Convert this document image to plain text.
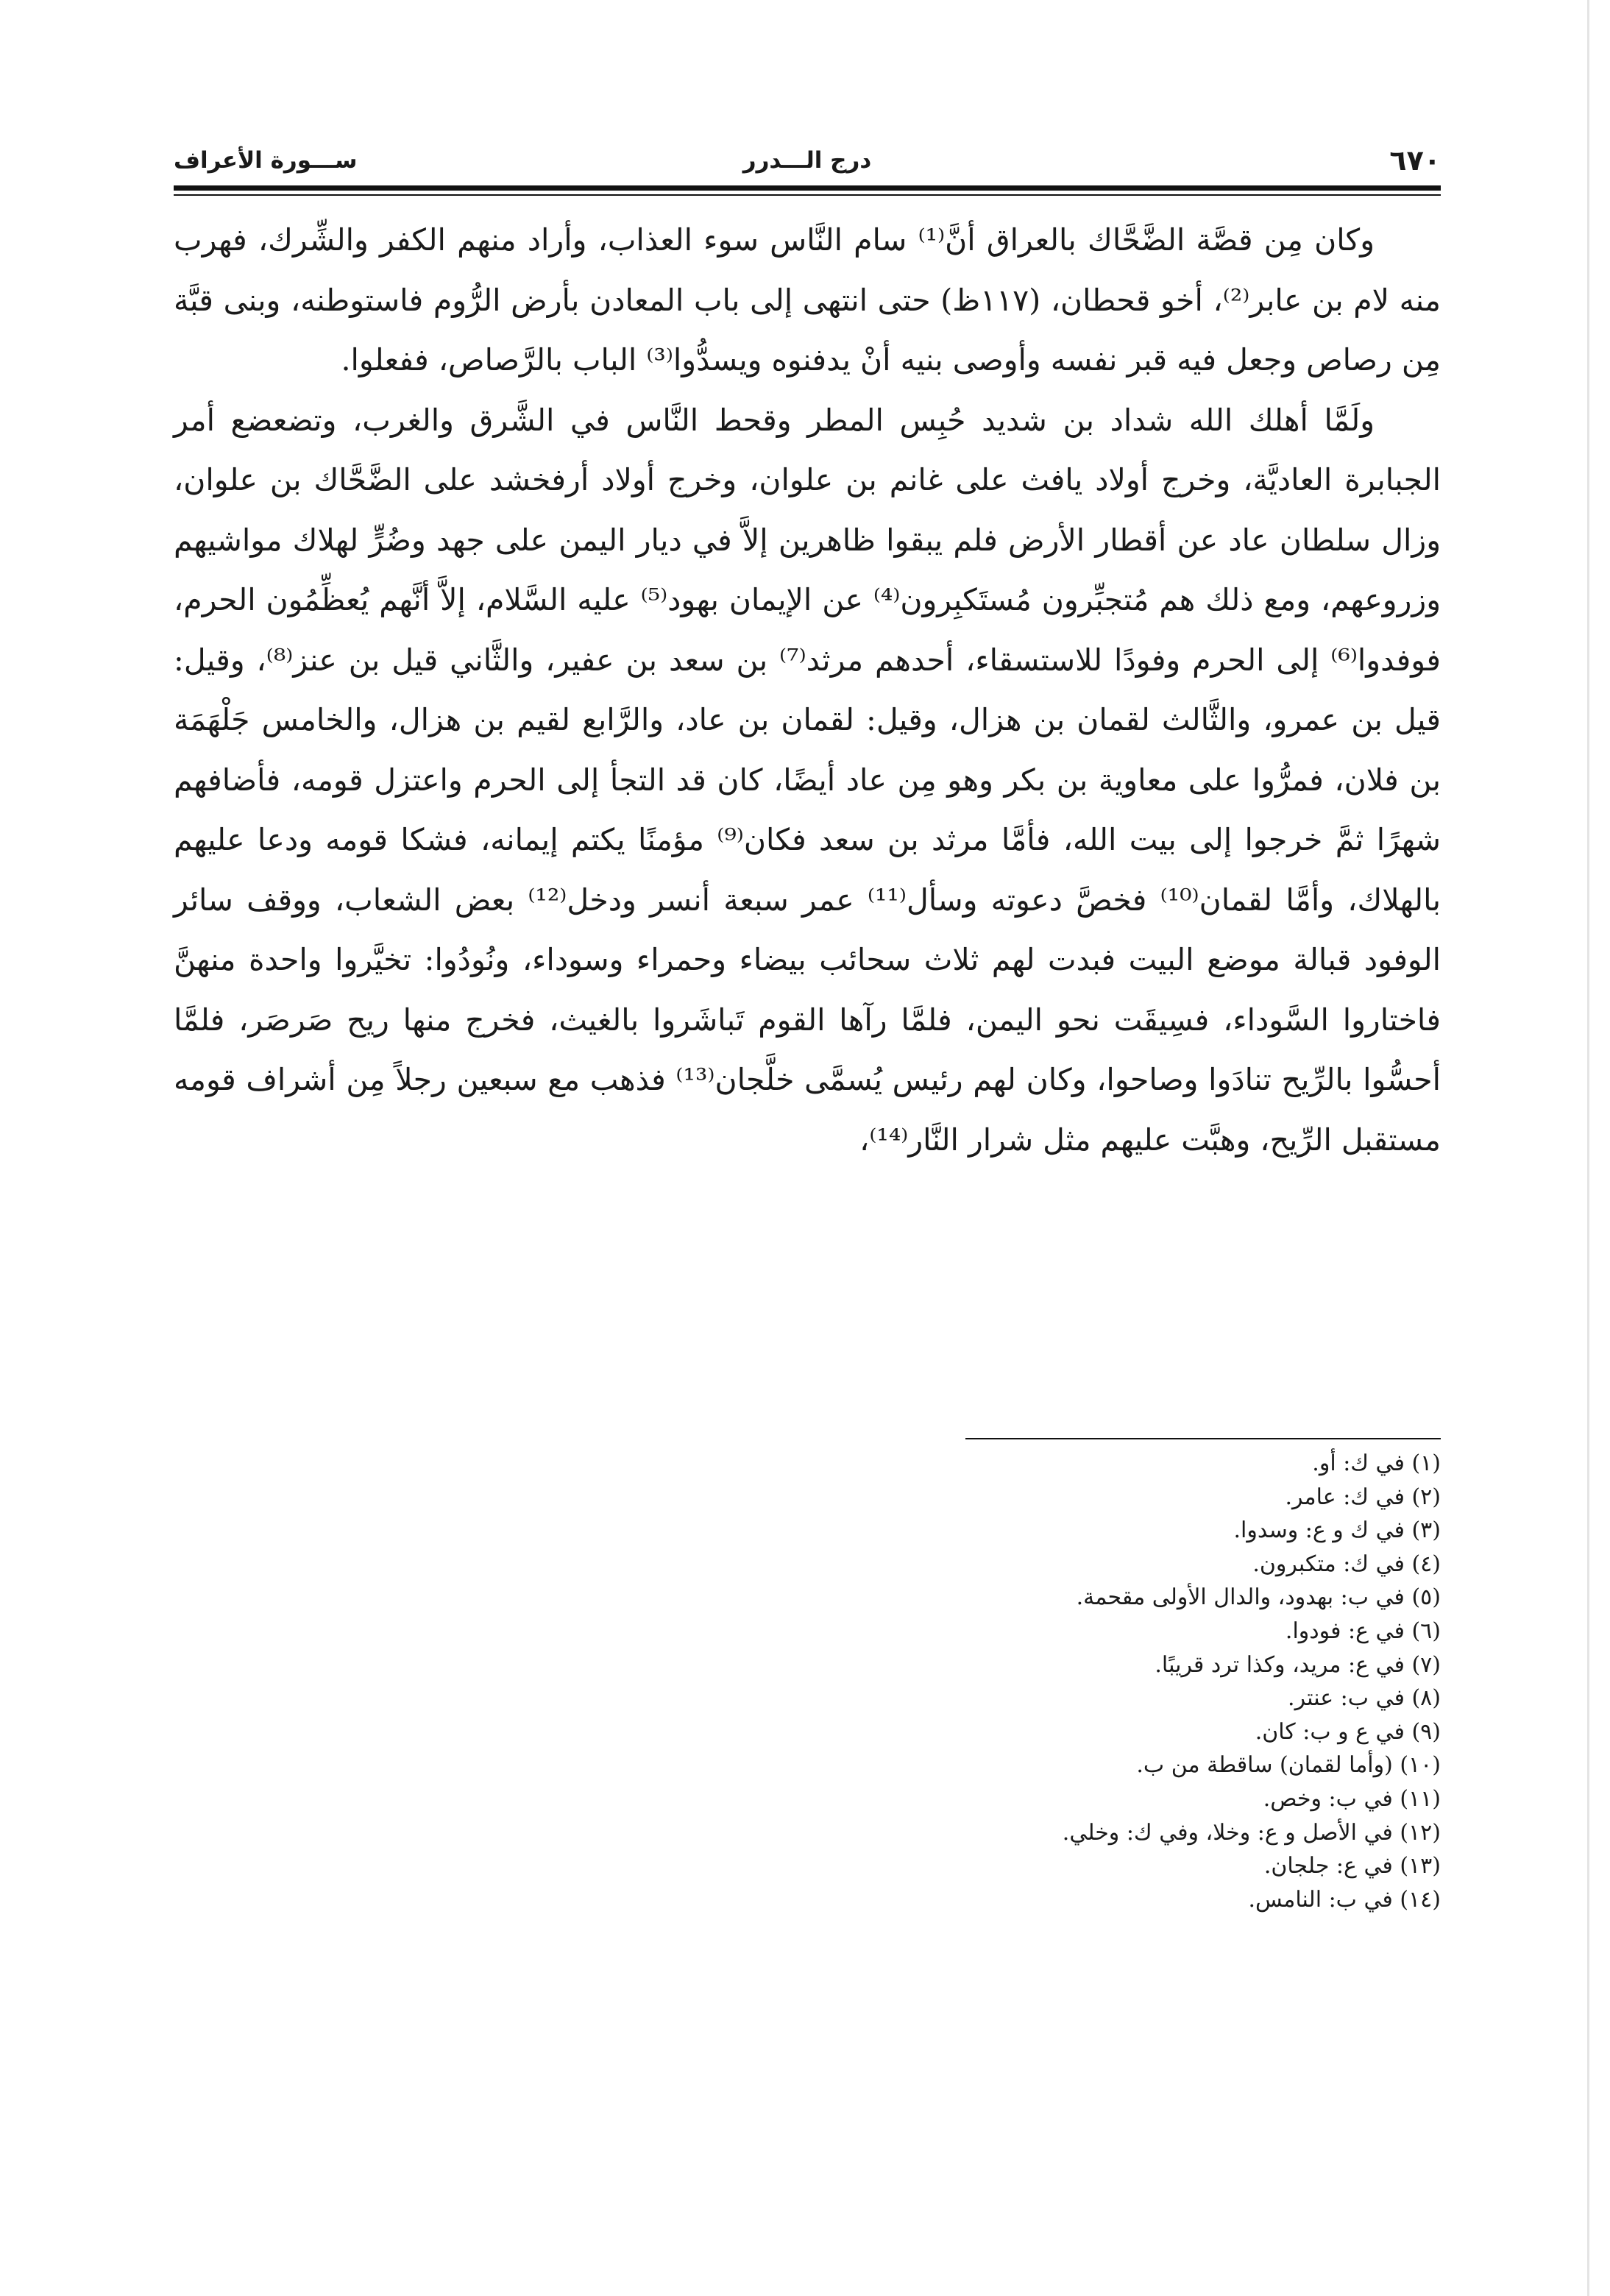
٦٧٠
درج الـــدرر
ســـورة الأعراف

وكان مِن قصَّة الضَّحَّاك بالعراق أنَّ⁽¹⁾ سام النَّاس سوء العذاب، وأراد منهم الكفر والشِّرك، فهرب منه لام بن عابر⁽²⁾، أخو قحطان، (١١٧ظ) حتى انتهى إلى باب المعادن بأرض الرُّوم فاستوطنه، وبنى قبَّة مِن رصاص وجعل فيه قبر نفسه وأوصى بنيه أنْ يدفنوه ويسدُّوا⁽³⁾ الباب بالرَّصاص، ففعلوا.

ولَمَّا أهلك الله شداد بن شديد حُبِس المطر وقحط النَّاس في الشَّرق والغرب، وتضعضع أمر الجبابرة العاديَّة، وخرج أولاد يافث على غانم بن علوان، وخرج أولاد أرفخشد على الضَّحَّاك بن علوان، وزال سلطان عاد عن أقطار الأرض فلم يبقوا ظاهرين إلاَّ في ديار اليمن على جهد وضُرٍّ لهلاك مواشيهم وزروعهم، ومع ذلك هم مُتجبِّرون مُستَكبِرون⁽⁴⁾ عن الإيمان بهود⁽⁵⁾ عليه السَّلام، إلاَّ أنَّهم يُعظِّمُون الحرم، فوفدوا⁽⁶⁾ إلى الحرم وفودًا للاستسقاء، أحدهم مرثد⁽⁷⁾ بن سعد بن عفير، والثَّاني قيل بن عنز⁽⁸⁾، وقيل: قيل بن عمرو، والثَّالث لقمان بن هزال، وقيل: لقمان بن عاد، والرَّابع لقيم بن هزال، والخامس جَلْهَمَة بن فلان، فمرُّوا على معاوية بن بكر وهو مِن عاد أيضًا، كان قد التجأ إلى الحرم واعتزل قومه، فأضافهم شهرًا ثمَّ خرجوا إلى بيت الله، فأمَّا مرثد بن سعد فكان⁽⁹⁾ مؤمنًا يكتم إيمانه، فشكا قومه ودعا عليهم بالهلاك، وأمَّا لقمان⁽¹⁰⁾ فخصَّ دعوته وسأل⁽¹¹⁾ عمر سبعة أنسر ودخل⁽¹²⁾ بعض الشعاب، ووقف سائر الوفود قبالة موضع البيت فبدت لهم ثلاث سحائب بيضاء وحمراء وسوداء، ونُودُوا: تخيَّروا واحدة منهنَّ فاختاروا السَّوداء، فسِيقَت نحو اليمن، فلمَّا رآها القوم تَباشَروا بالغيث، فخرج منها ريح صَرصَر، فلمَّا أحسُّوا بالرِّيح تنادَوا وصاحوا، وكان لهم رئيس يُسمَّى خلَّجان⁽¹³⁾ فذهب مع سبعين رجلاً مِن أشراف قومه مستقبل الرِّيح، وهبَّت عليهم مثل شرار النَّار⁽¹⁴⁾،

(١) في ك: أو.
(٢) في ك: عامر.
(٣) في ك و ع: وسدوا.
(٤) في ك: متكبرون.
(٥) في ب: بهدود، والدال الأولى مقحمة.
(٦) في ع: فودوا.
(٧) في ع: مريد، وكذا ترد قريبًا.
(٨) في ب: عنتر.
(٩) في ع و ب: كان.
(١٠) (وأما لقمان) ساقطة من ب.
(١١) في ب: وخص.
(١٢) في الأصل و ع: وخلا، وفي ك: وخلي.
(١٣) في ع: جلجان.
(١٤) في ب: النامس.
